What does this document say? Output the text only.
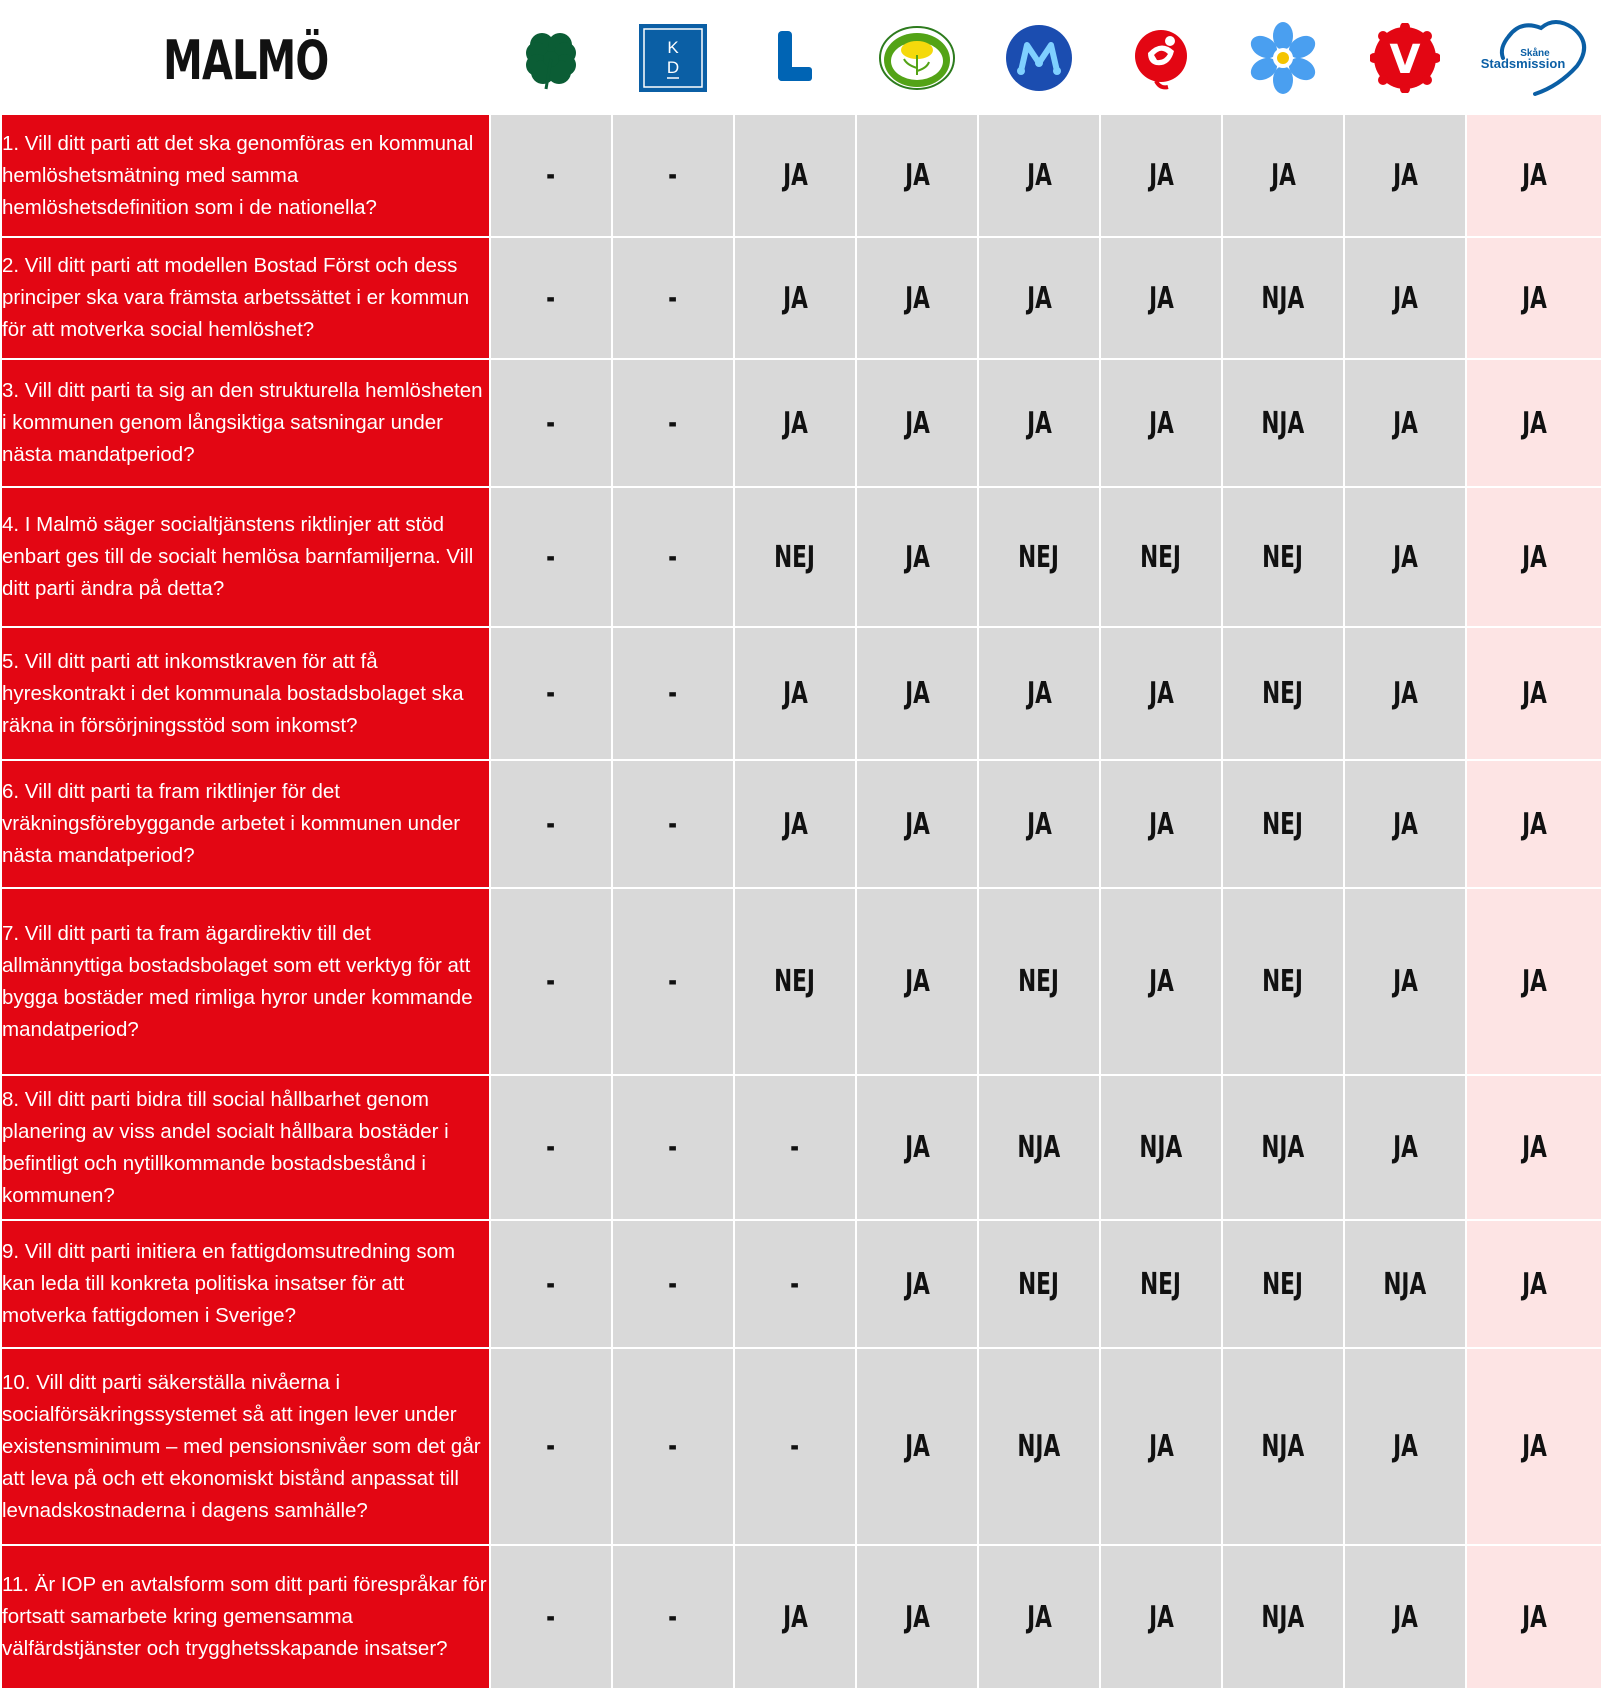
MALMÖ		K
D						V	Skåne
Stadsmission

1. Vill ditt parti att det ska genomföras en kommunal hemlöshetsmätning med samma hemlöshetsdefinition som i de nationella?	-	-	JA	JA	JA	JA	JA	JA	JA
2. Vill ditt parti att modellen Bostad Först och dess principer ska vara främsta arbetssättet i er kommun för att motverka social hemlöshet?	-	-	JA	JA	JA	JA	NJA	JA	JA
3. Vill ditt parti ta sig an den strukturella hemlösheten i kommunen genom långsiktiga satsningar under nästa mandatperiod?	-	-	JA	JA	JA	JA	NJA	JA	JA
4. I Malmö säger socialtjänstens riktlinjer att stöd enbart ges till de socialt hemlösa barnfamiljerna. Vill ditt parti ändra på detta?	-	-	NEJ	JA	NEJ	NEJ	NEJ	JA	JA
5. Vill ditt parti att inkomstkraven för att få hyreskontrakt i det kommunala bostadsbolaget ska räkna in försörjningsstöd som inkomst?	-	-	JA	JA	JA	JA	NEJ	JA	JA
6. Vill ditt parti ta fram riktlinjer för det vräkningsförebyggande arbetet i kommunen under nästa mandatperiod?	-	-	JA	JA	JA	JA	NEJ	JA	JA
7. Vill ditt parti ta fram ägardirektiv till det allmännyttiga bostadsbolaget som ett verktyg för att bygga bostäder med rimliga hyror under kommande mandatperiod?	-	-	NEJ	JA	NEJ	JA	NEJ	JA	JA
8. Vill ditt parti bidra till social hållbarhet genom planering av viss andel socialt hållbara bostäder i befintligt och nytillkommande bostadsbestånd i kommunen?	-	-	-	JA	NJA	NJA	NJA	JA	JA
9. Vill ditt parti initiera en fattigdomsutredning som kan leda till konkreta politiska insatser för att motverka fattigdomen i Sverige?	-	-	-	JA	NEJ	NEJ	NEJ	NJA	JA
10. Vill ditt parti säkerställa nivåerna i socialförsäkringssystemet så att ingen lever under existensminimum – med pensionsnivåer som det går att leva på och ett ekonomiskt bistånd anpassat till levnadskostnaderna i dagens samhälle?	-	-	-	JA	NJA	JA	NJA	JA	JA
11. Är IOP en avtalsform som ditt parti förespråkar för fortsatt samarbete kring gemensamma välfärdstjänster och trygghetsskapande insatser?	-	-	JA	JA	JA	JA	NJA	JA	JA
